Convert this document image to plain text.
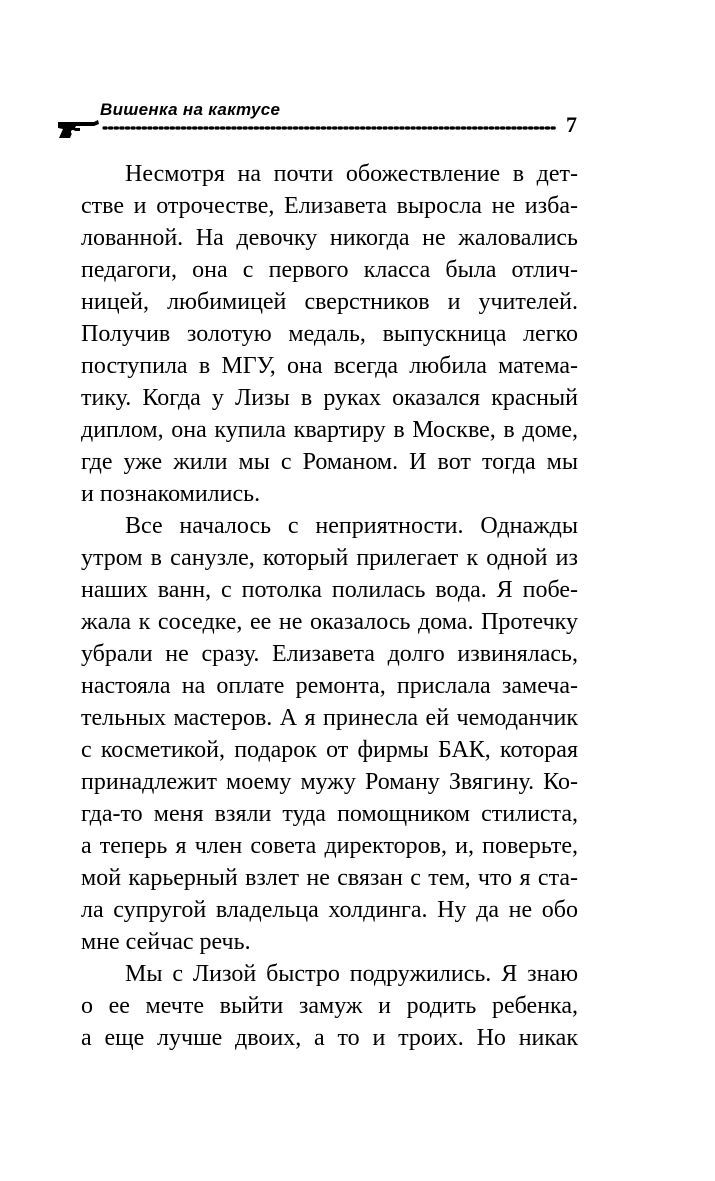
Вишенка на кактусе
7
Несмотря на почти обожествление в дет-
стве и отрочестве, Елизавета выросла не изба-
лованной. На девочку никогда не жаловались
педагоги, она с первого класса была отлич-
ницей, любимицей сверстников и учителей.
Получив золотую медаль, выпускница легко
поступила в МГУ, она всегда любила матема-
тику. Когда у Лизы в руках оказался красный
диплом, она купила квартиру в Москве, в доме,
где уже жили мы с Романом. И вот тогда мы
и познакомились.
Все началось с неприятности. Однажды
утром в санузле, который прилегает к одной из
наших ванн, с потолка полилась вода. Я побе-
жала к соседке, ее не оказалось дома. Протечку
убрали не сразу. Елизавета долго извинялась,
настояла на оплате ремонта, прислала замеча-
тельных мастеров. А я принесла ей чемоданчик
с косметикой, подарок от фирмы БАК, которая
принадлежит моему мужу Роману Звягину. Ко-
гда-то меня взяли туда помощником стилиста,
а теперь я член совета директоров, и, поверьте,
мой карьерный взлет не связан с тем, что я ста-
ла супругой владельца холдинга. Ну да не обо
мне сейчас речь.
Мы с Лизой быстро подружились. Я знаю
о ее мечте выйти замуж и родить ребенка,
а еще лучше двоих, а то и троих. Но никак
